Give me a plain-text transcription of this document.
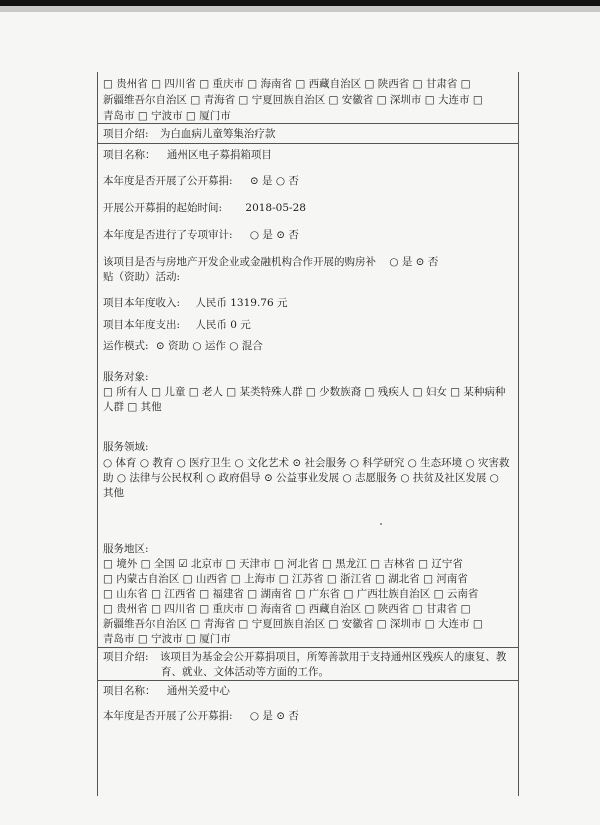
□ 贵州省 □ 四川省 □ 重庆市 □ 海南省 □ 西藏自治区 □ 陕西省 □ 甘肃省 □
新疆维吾尔自治区 □ 青海省 □ 宁夏回族自治区 □ 安徽省 □ 深圳市 □ 大连市 □
青岛市 □ 宁波市 □ 厦门市
项目介绍: 为白血病儿童筹集治疗款
项目名称： 通州区电子募捐箱项目
本年度是否开展了公开募捐: ⊙ 是 ○ 否
开展公开募捐的起始时间: 2018-05-28
本年度是否进行了专项审计: ○ 是 ⊙ 否
该项目是否与房地产开发企业或金融机构合作开展的购房补 ○ 是 ⊙ 否
贴（资助）活动:
项目本年度收入: 人民币 1319.76 元
项目本年度支出: 人民币 0 元
运作模式: ⊙ 资助 ○ 运作 ○ 混合
服务对象:
□ 所有人 □ 儿童 □ 老人 □ 某类特殊人群 □ 少数族裔 □ 残疾人 □ 妇女 □ 某种病种人群 □ 其他
服务领域:
○ 体育 ○ 教育 ○ 医疗卫生 ○ 文化艺术 ⊙ 社会服务 ○ 科学研究 ○ 生态环境 ○ 灾害救助 ○ 法律与公民权利 ○ 政府倡导 ⊙ 公益事业发展 ○ 志愿服务 ○ 扶贫及社区发展 ○ 其他
服务地区:
□ 境外 □ 全国 ☑ 北京市 □ 天津市 □ 河北省 □ 黑龙江 □ 吉林省 □ 辽宁省
□ 内蒙古自治区 □ 山西省 □ 上海市 □ 江苏省 □ 浙江省 □ 湖北省 □ 河南省
□ 山东省 □ 江西省 □ 福建省 □ 湖南省 □ 广东省 □ 广西壮族自治区 □ 云南省
□ 贵州省 □ 四川省 □ 重庆市 □ 海南省 □ 西藏自治区 □ 陕西省 □ 甘肃省 □
新疆维吾尔自治区 □ 青海省 □ 宁夏回族自治区 □ 安徽省 □ 深圳市 □ 大连市 □
青岛市 □ 宁波市 □ 厦门市
项目介绍: 该项目为基金会公开募捐项目，所筹善款用于支持通州区残疾人的康复、教
育、就业、文体活动等方面的工作。
项目名称： 通州关爱中心
本年度是否开展了公开募捐: ○ 是 ⊙ 否
